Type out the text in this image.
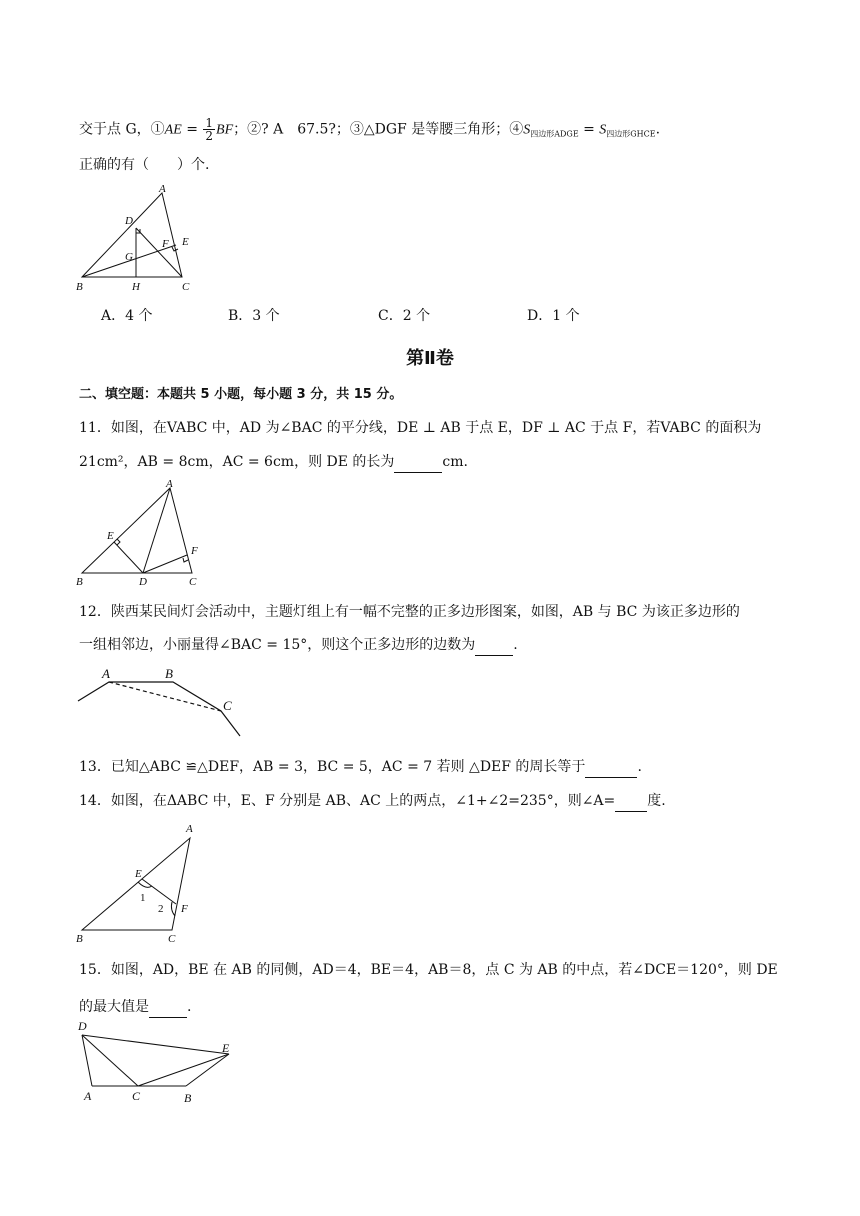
交于点 G，①AE = $\frac{1}{2}$ BF；②? A　67.5?；③△DGF 是等腰三角形；$④S_{四边形ADGE} = S_{四边形GHCE}$.
正确的有（　　）个.
A
D
E
F
G
B	H	C
A．4 个	B．3 个	C．2 个	D．1 个
第Ⅱ卷
二、填空题：本题共 5 小题，每小题 3 分，共 15 分。
11．如图，在VABC 中，AD 为∠BAC 的平分线，DE ⊥ AB 于点 E，DF ⊥ AC 于点 F，若VABC 的面积为
21cm²，AB = 8cm，AC = 6cm，则 DE 的长为	cm.
A
E
F
B	D	C
12．陕西某民间灯会活动中，主题灯组上有一幅不完整的正多边形图案，如图，AB 与 BC 为该正多边形的
一组相邻边，小丽量得∠BAC = 15°，则这个正多边形的边数为	.
A	B
C
13．已知△ABC ≌△DEF，AB = 3，BC = 5，AC = 7 若则 △DEF 的周长等于	.
14．如图，在ΔABC 中，E、F 分别是 AB、AC 上的两点，∠1+∠2=235°，则∠A= 度.
A
E
1
2 F
B	C
15．如图，AD，BE 在 AB 的同侧，AD＝4，BE＝4，AB＝8，点 C 为 AB 的中点，若∠DCE＝120°，则 DE
的最大值是	.
D
E
A	C	B
